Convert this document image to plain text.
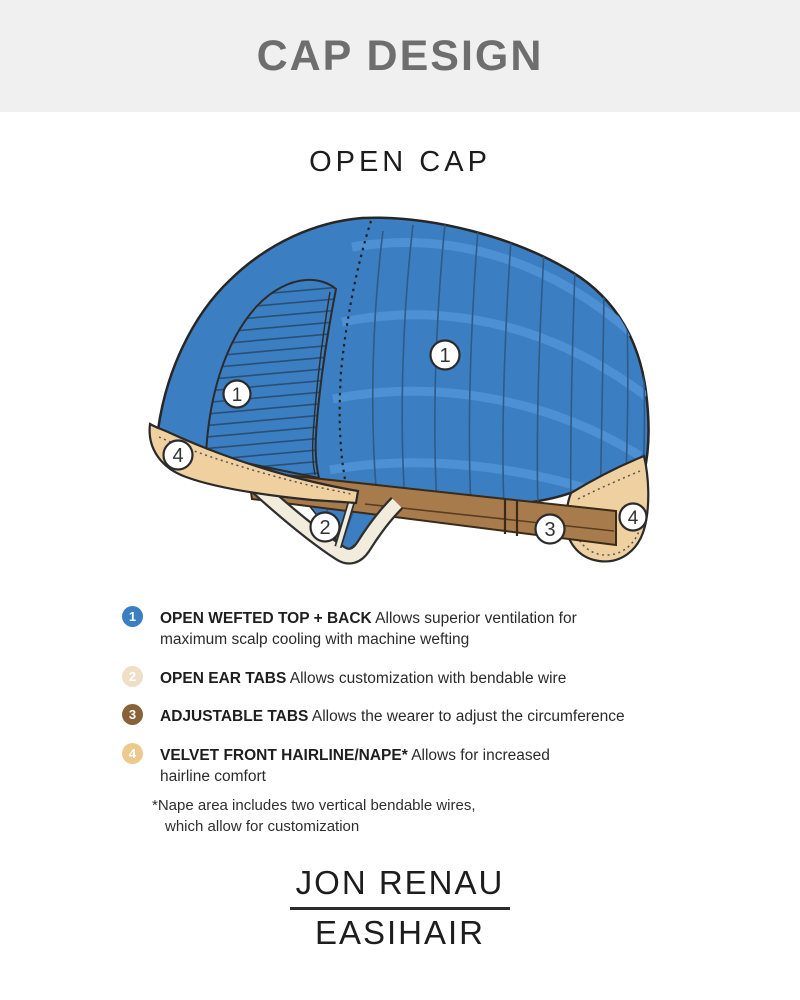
CAP DESIGN
OPEN CAP
1
1
2	3
4
4
1 OPEN WEFTED TOP + BACK Allows superior ventilation for maximum scalp cooling with machine wefting

2 OPEN EAR TABS Allows customization with bendable wire

3 ADJUSTABLE TABS Allows the wearer to adjust the circumference

4 VELVET FRONT HAIRLINE/NAPE* Allows for increased hairline comfort

*Nape area includes two vertical bendable wires,
which allow for customization
JON RENAU
EASIHAIR
